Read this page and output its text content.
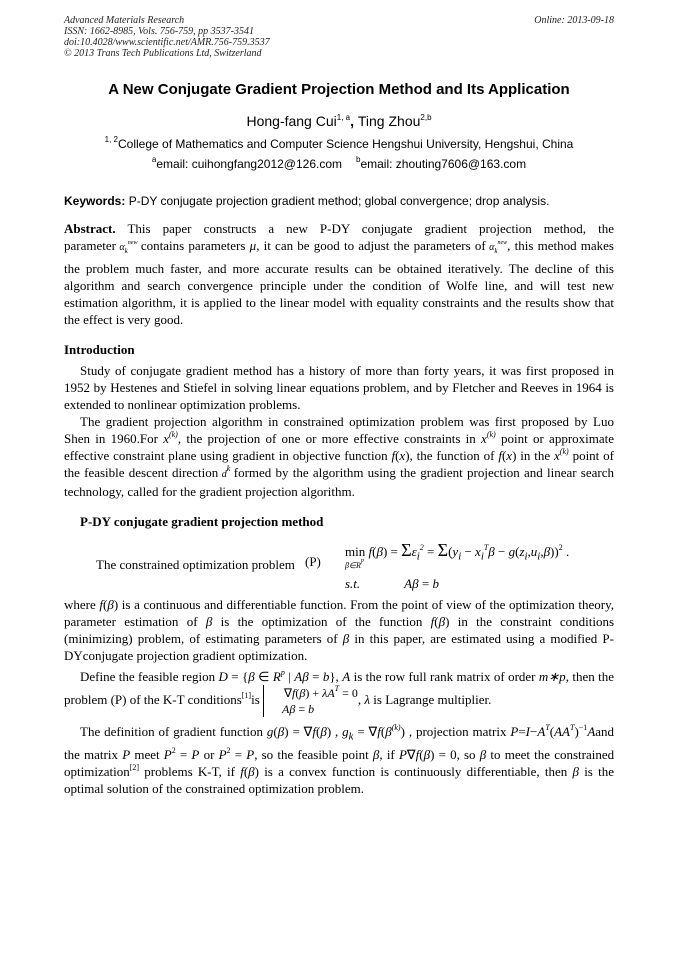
Advanced Materials Research
ISSN: 1662-8985, Vols. 756-759, pp 3537-3541
doi:10.4028/www.scientific.net/AMR.756-759.3537
© 2013 Trans Tech Publications Ltd, Switzerland
Online: 2013-09-18
A New Conjugate Gradient Projection Method and Its Application
Hong-fang Cui$^{1, a}$, Ting Zhou$^{2,b}$
$^{1, 2}$College of Mathematics and Computer Science Hengshui University, Hengshui, China
$^a$email: cuihongfang2012@126.com $^b$email: zhouting7606@163.com
Keywords: P-DY conjugate projection gradient method; global convergence; drop analysis.

Abstract. This paper constructs a new P-DY conjugate gradient projection method, the parameter $\alpha_k^{new}$ contains parameters μ, it can be good to adjust the parameters of $\alpha_k^{new}$, this method makes the problem much faster, and more accurate results can be obtained iteratively. The decline of this algorithm and search convergence principle under the condition of Wolfe line, and will test new estimation algorithm, it is applied to the linear model with equality constraints and the results show that the effect is very good.

Introduction

Study of conjugate gradient method has a history of more than forty years, it was first proposed in 1952 by Hestenes and Stiefel in solving linear equations problem, and by Fletcher and Reeves in 1964 is extended to nonlinear optimization problems.

The gradient projection algorithm in constrained optimization problem was first proposed by Luo Shen in 1960.For $x^{(k)}$, the projection of one or more effective constraints in $x^{(k)}$ point or approximate effective constraint plane using gradient in objective function f(x), the function of f(x) in the $x^{(k)}$ point of the feasible descent direction $d^k$ formed by the algorithm using the gradient projection and linear search technology, called for the gradient projection algorithm.

P-DY conjugate gradient projection method
The constrained optimization problem (P)
$\min f(\beta) = \Sigma\varepsilon_i^2 = \Sigma(y_i - x_i^T\beta - g(z_i,u_i,\beta))^2$ .
$\beta\in R^p$
s.t.	Aβ = b

where f(β) is a continuous and differentiable function. From the point of view of the optimization theory, parameter estimation of β is the optimization of the function f(β) in the constraint conditions (minimizing) problem, of estimating parameters of β in this paper, are estimated using a modified P-DYconjugate projection gradient optimization.

Define the feasible region D = {β ∈ $R^p$ | Aβ = b}, A is the row full rank matrix of order m∗p, then the problem (P) of the K-T conditions[1]is $\nabla f(\beta) + \lambda A^T = 0$
Aβ = b, λ is Lagrange multiplier.

The definition of gradient function g(β) = ∇f(β) , $g_k = \nabla f(\beta^{(k)})$ , projection matrix $P=I-A^T(AA^T)^{-1}Aand$ the matrix P meet $P^2 = P$ or $P^2 = P$, so the feasible point β, if P∇f(β) = 0, so β to meet the constrained optimization[2] problems K-T, if f(β) is a convex function is continuously differentiable, then β is the optimal solution of the constrained optimization problem.
